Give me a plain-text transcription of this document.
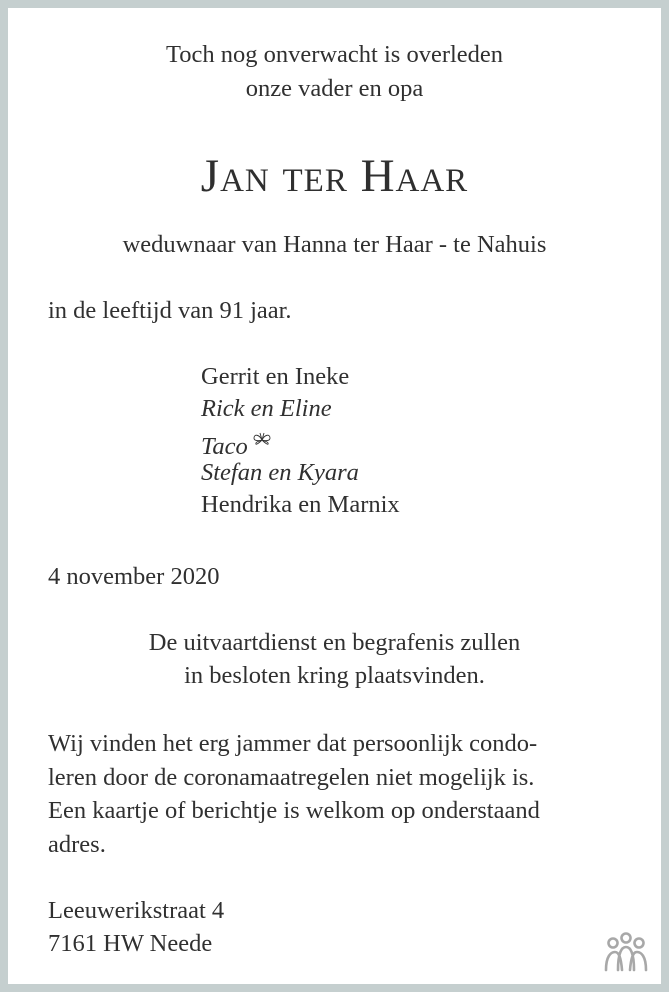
Toch nog onverwacht is overleden
onze vader en opa
Jan ter Haar
weduwnaar van Hanna ter Haar - te Nahuis
in de leeftijd van 91 jaar.
Gerrit en Ineke
Rick en Eline
Taco
Stefan en Kyara
Hendrika en Marnix
4 november 2020
De uitvaartdienst en begrafenis zullen
in besloten kring plaatsvinden.
Wij vinden het erg jammer dat persoonlijk condo-
leren door de coronamaatregelen niet mogelijk is.
Een kaartje of berichtje is welkom op onderstaand
adres.
Leeuwerikstraat 4
7161 HW Neede
